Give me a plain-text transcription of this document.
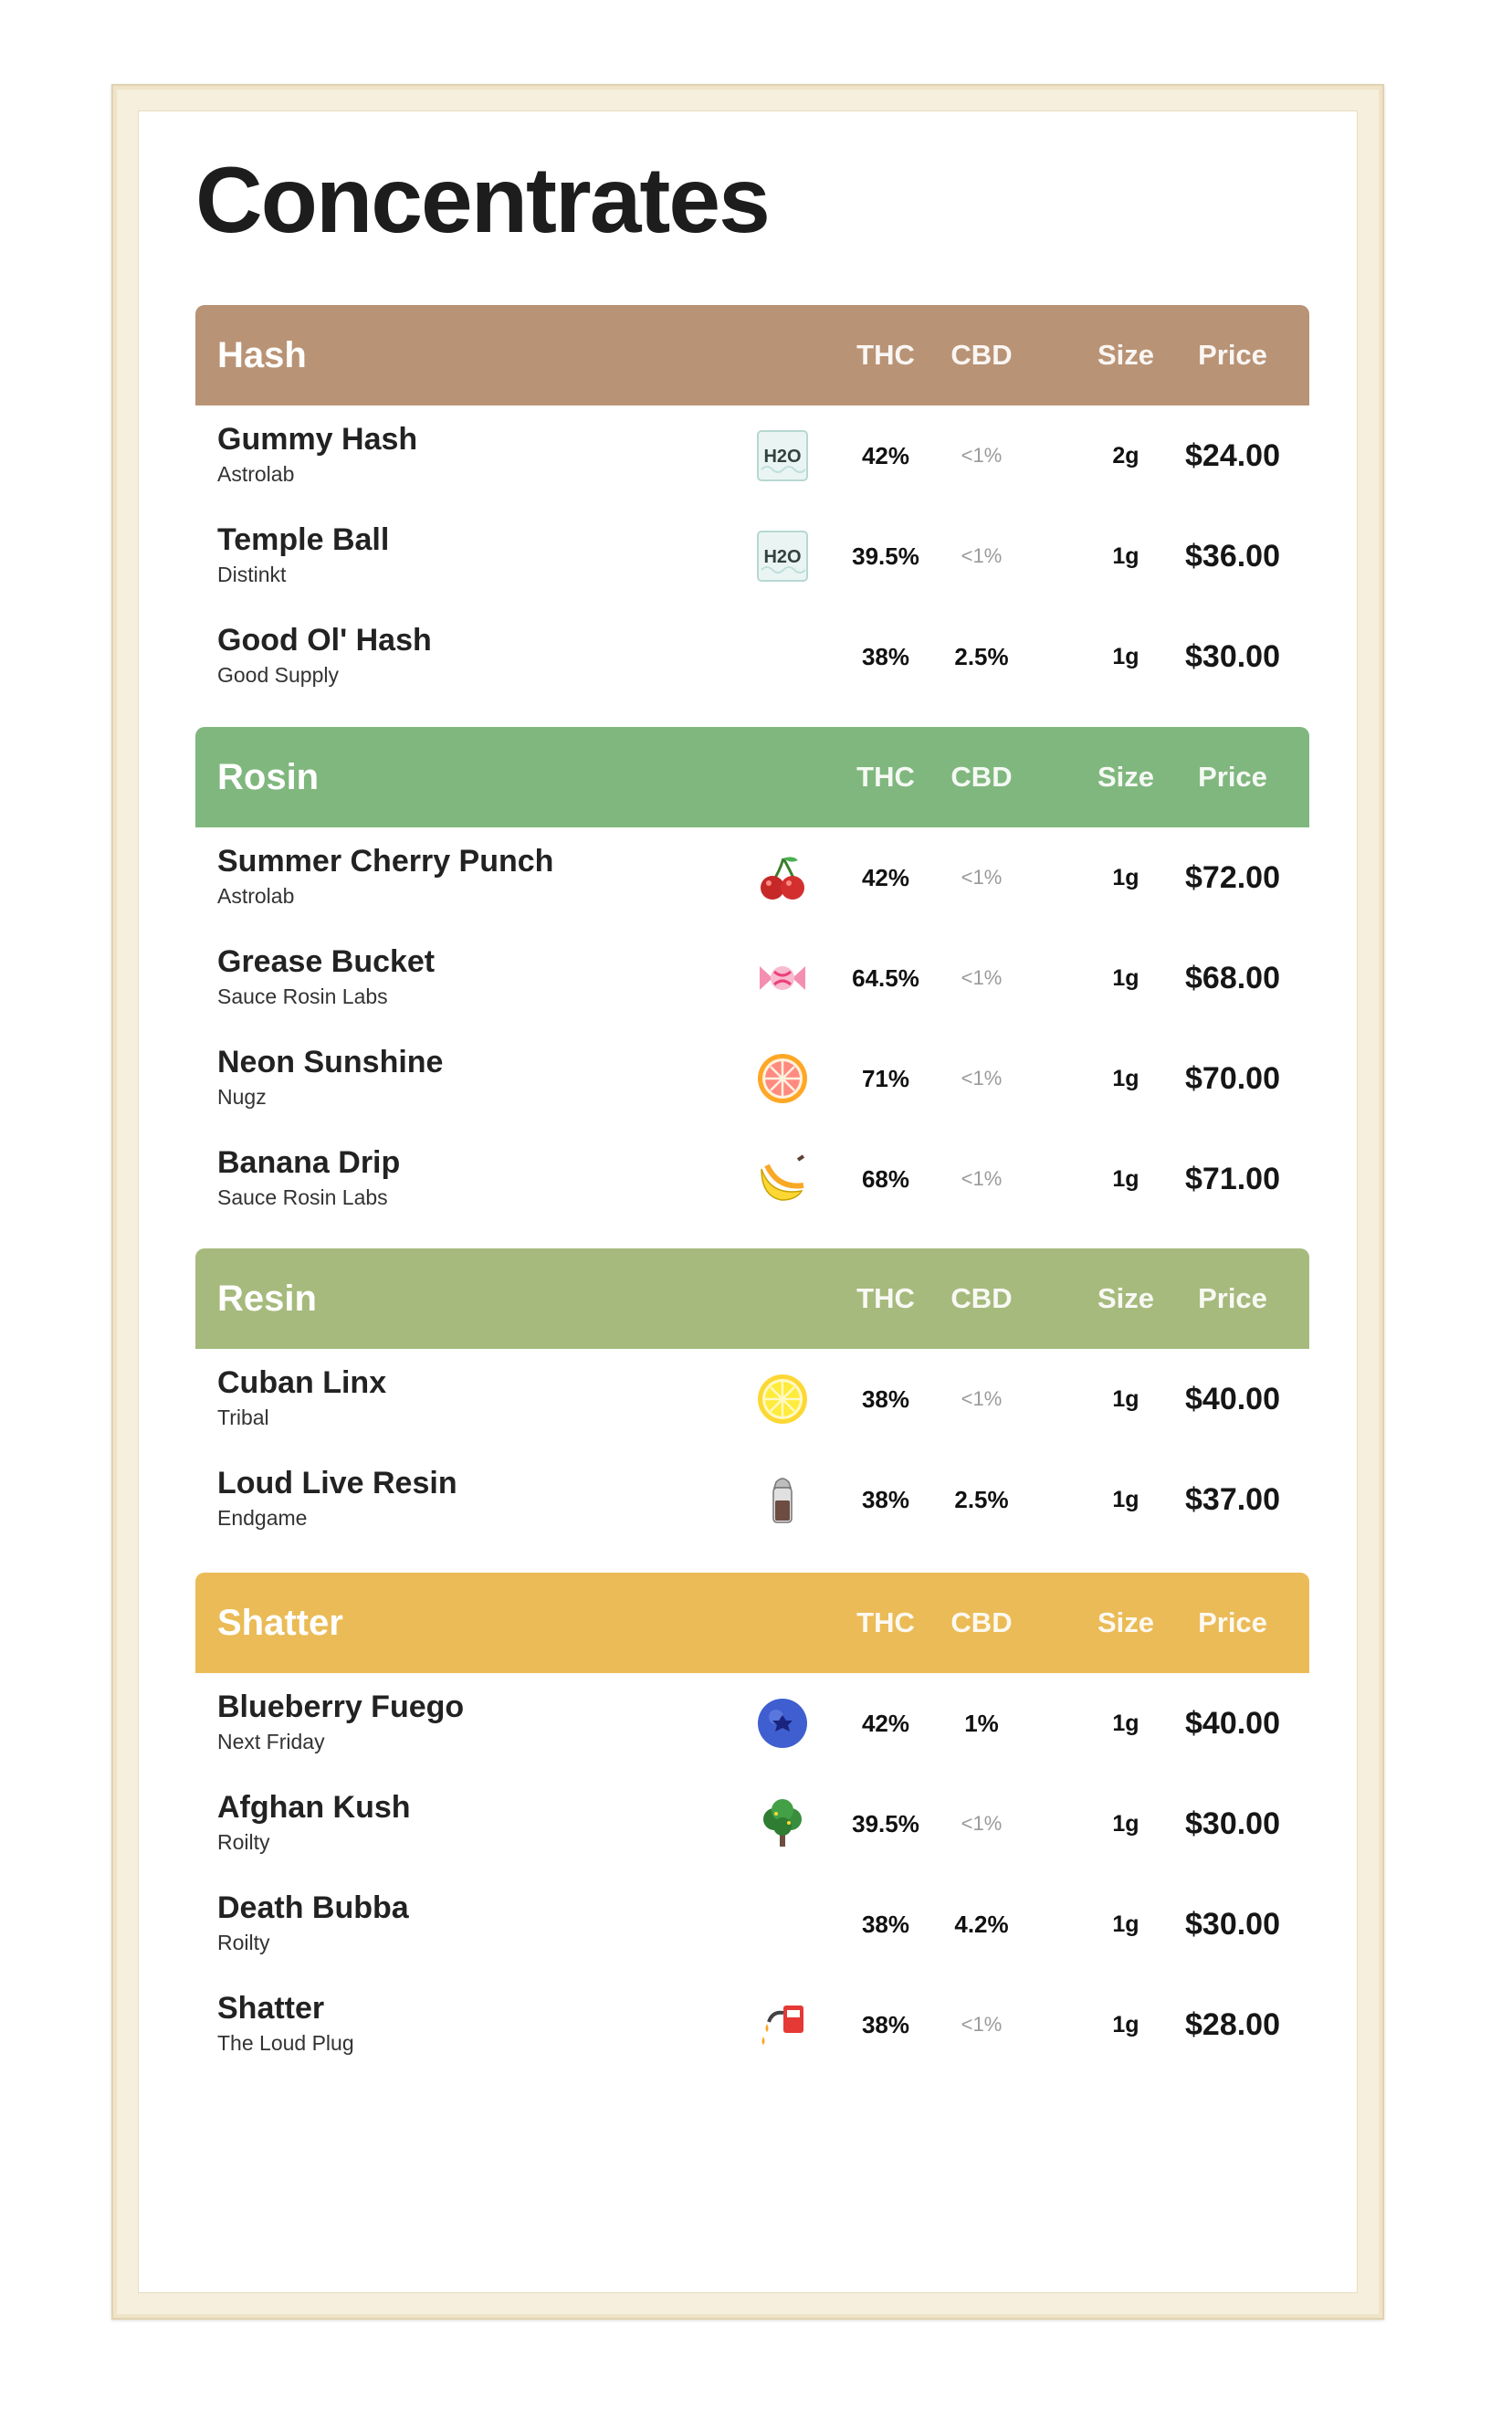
Concentrates
Hash	THC CBD	Size Price
Gummy Hash
Astrolab
H2O	42%	<1%	2g $24.00
Temple Ball
Distinkt
H2O 39.5% <1%	1g $36.00
Good Ol' Hash
Good Supply
38% 2.5%	1g $30.00
Rosin	THC CBD	Size Price
Summer Cherry Punch
Astrolab
42%	<1%	1g $72.00
Grease Bucket
Sauce Rosin Labs
64.5% <1%	1g $68.00
Neon Sunshine
Nugz
71%	<1%	1g $70.00
Banana Drip
Sauce Rosin Labs
68%	<1%	1g $71.00
Resin	THC CBD	Size Price
Cuban Linx
Tribal
38%	<1%	1g $40.00
Loud Live Resin
Endgame
38% 2.5%	1g $37.00
Shatter	THC CBD	Size Price
Blueberry Fuego
Next Friday
42% 1%	1g $40.00
Afghan Kush
Roilty
39.5% <1%	1g $30.00
Death Bubba
Roilty
38% 4.2%	1g $30.00
Shatter
The Loud Plug
38%	<1%	1g $28.00
